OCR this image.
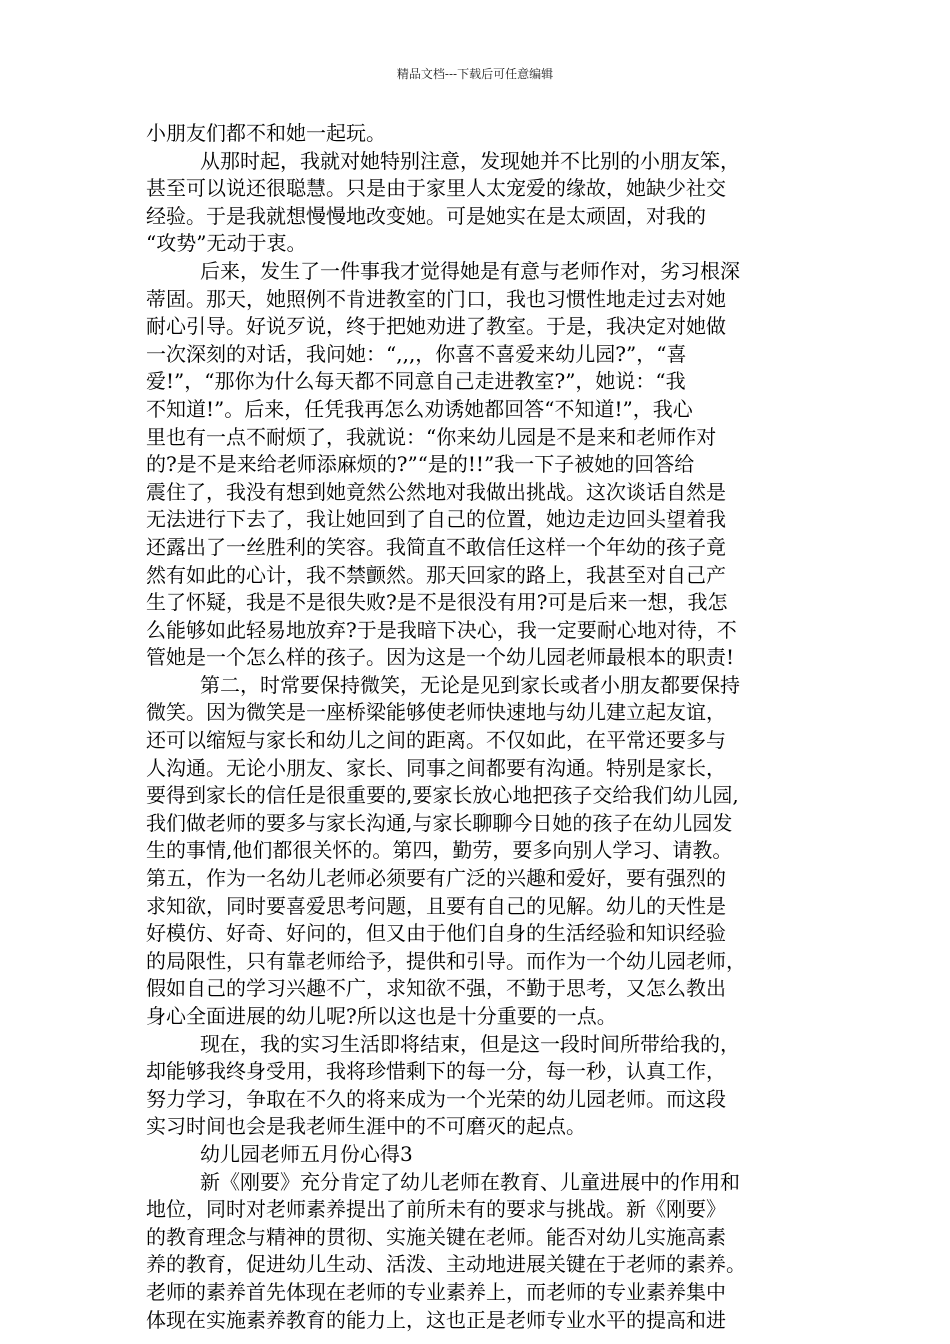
精品文档---下载后可任意编辑
小朋友们都不和她一起玩。
从那时起，我就对她特别注意，发现她并不比别的小朋友笨，
甚至可以说还很聪慧。只是由于家里人太宠爱的缘故，她缺少社交
经验。于是我就想慢慢地改变她。可是她实在是太顽固，对我的
“攻势”无动于衷。
后来，发生了一件事我才觉得她是有意与老师作对，劣习根深
蒂固。那天，她照例不肯进教室的门口，我也习惯性地走过去对她
耐心引导。好说歹说，终于把她劝进了教室。于是，我决定对她做
一次深刻的对话，我问她：“,,,，你喜不喜爱来幼儿园?”，“喜
爱!”，“那你为什么每天都不同意自己走进教室?”，她说：“我
不知道!”。后来，任凭我再怎么劝诱她都回答“不知道!”，我心
里也有一点不耐烦了，我就说：“你来幼儿园是不是来和老师作对
的?是不是来给老师添麻烦的?”“是的!!”我一下子被她的回答给
震住了，我没有想到她竟然公然地对我做出挑战。这次谈话自然是
无法进行下去了，我让她回到了自己的位置，她边走边回头望着我
还露出了一丝胜利的笑容。我简直不敢信任这样一个年幼的孩子竟
然有如此的心计，我不禁颤然。那天回家的路上，我甚至对自己产
生了怀疑，我是不是很失败?是不是很没有用?可是后来一想，我怎
么能够如此轻易地放弃?于是我暗下决心，我一定要耐心地对待，不
管她是一个怎么样的孩子。因为这是一个幼儿园老师最根本的职责!
第二，时常要保持微笑，无论是见到家长或者小朋友都要保持
微笑。因为微笑是一座桥梁能够使老师快速地与幼儿建立起友谊，
还可以缩短与家长和幼儿之间的距离。不仅如此，在平常还要多与
人沟通。无论小朋友、家长、同事之间都要有沟通。特别是家长，
要得到家长的信任是很重要的,要家长放心地把孩子交给我们幼儿园,
我们做老师的要多与家长沟通,与家长聊聊今日她的孩子在幼儿园发
生的事情,他们都很关怀的。第四，勤劳，要多向别人学习、请教。
第五，作为一名幼儿老师必须要有广泛的兴趣和爱好，要有强烈的
求知欲，同时要喜爱思考问题，且要有自己的见解。幼儿的天性是
好模仿、好奇、好问的，但又由于他们自身的生活经验和知识经验
的局限性，只有靠老师给予，提供和引导。而作为一个幼儿园老师，
假如自己的学习兴趣不广，求知欲不强，不勤于思考，又怎么教出
身心全面进展的幼儿呢?所以这也是十分重要的一点。
现在，我的实习生活即将结束，但是这一段时间所带给我的，
却能够我终身受用，我将珍惜剩下的每一分，每一秒，认真工作，
努力学习，争取在不久的将来成为一个光荣的幼儿园老师。而这段
实习时间也会是我老师生涯中的不可磨灭的起点。
幼儿园老师五月份心得3
新《刚要》充分肯定了幼儿老师在教育、儿童进展中的作用和
地位，同时对老师素养提出了前所未有的要求与挑战。新《刚要》
的教育理念与精神的贯彻、实施关键在老师。能否对幼儿实施高素
养的教育，促进幼儿生动、活泼、主动地进展关键在于老师的素养。
老师的素养首先体现在老师的专业素养上，而老师的专业素养集中
体现在实施素养教育的能力上，这也正是老师专业水平的提高和进
